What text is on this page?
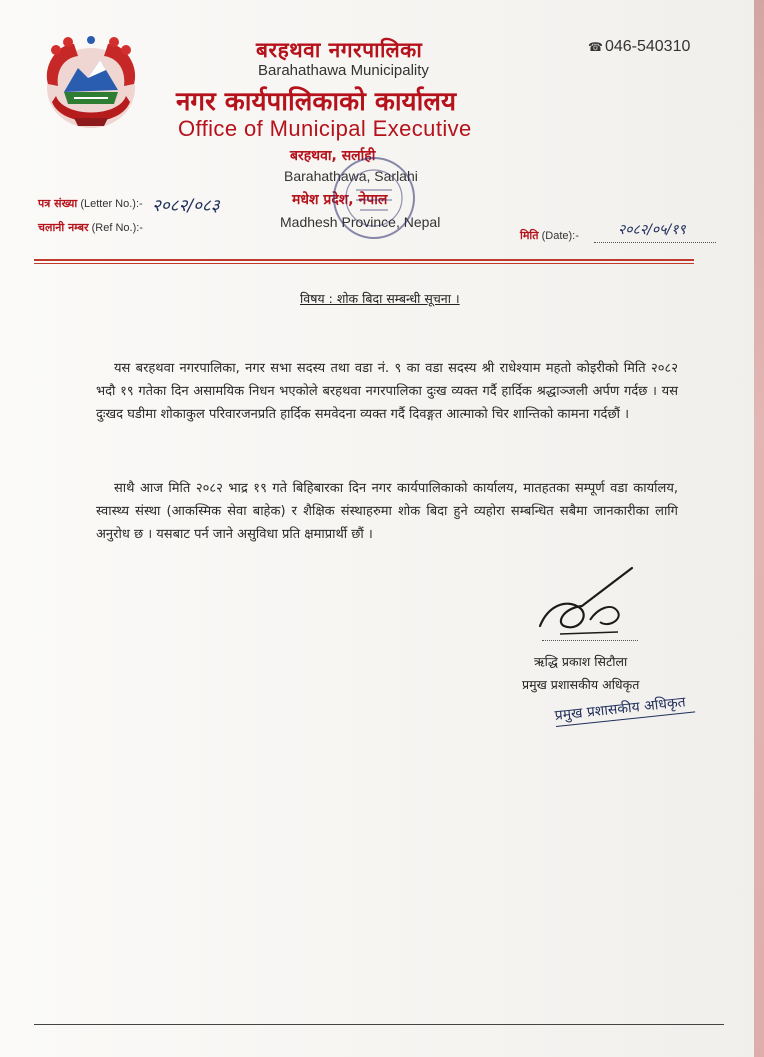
बरहथवा नगरपालिका
Barahathawa Municipality
नगर कार्यपालिकाको कार्यालय
Office of Municipal Executive
बरहथवा, सर्लाही
Barahathawa, Sarlahi
मधेश प्रदेश, नेपाल
Madhesh Province, Nepal
☎ 046-540310
पत्र संख्या (Letter No.):- २०८२/०८३
चलानी नम्बर (Ref No.):-
मिति (Date):-	२०८२/०५/१९
विषय : शोक बिदा सम्बन्धी सूचना ।
यस बरहथवा नगरपालिका, नगर सभा सदस्य तथा वडा नं. ९ का वडा सदस्य श्री राधेश्याम महतो कोइरीको मिति २०८२ भदौ १९ गतेका दिन असामयिक निधन भएकोले बरहथवा नगरपालिका दुःख व्यक्त गर्दै हार्दिक श्रद्धाञ्जली अर्पण गर्दछ । यस दुःखद घडीमा शोकाकुल परिवारजनप्रति हार्दिक समवेदना व्यक्त गर्दै दिवङ्गत आत्माको चिर शान्तिको कामना गर्दछौं ।
साथै आज मिति २०८२ भाद्र १९ गते बिहिबारका दिन नगर कार्यपालिकाको कार्यालय, मातहतका सम्पूर्ण वडा कार्यालय, स्वास्थ्य संस्था (आकस्मिक सेवा बाहेक) र शैक्षिक संस्थाहरुमा शोक बिदा हुने व्यहोरा सम्बन्धित सबैमा जानकारीका लागि अनुरोध छ । यसबाट पर्न जाने असुविधा प्रति क्षमाप्रार्थी छौं ।
ऋद्धि प्रकाश सिटौला
प्रमुख प्रशासकीय अधिकृत
प्रमुख प्रशासकीय अधिकृत
